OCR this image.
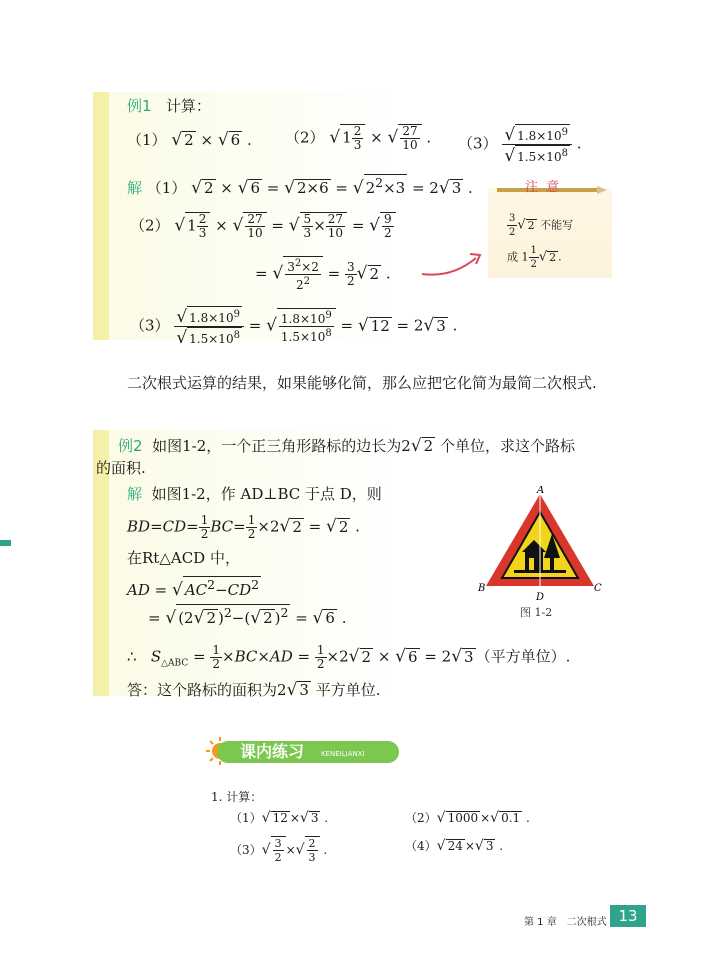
例1 计算：
（1） √ 2 × √ 6 . （2） √ $1 \frac{2}{3}$ × √ $\frac{27}{10}$ . $(3) \frac{√ 1.8\times 10^9}{√ 1.5\times 10^8}$ .
解 （1） √ 2 × √ 6 = √ 2×6 = √ $2^2\times 3 = 2√$ 3 .
（2） √ $1 \frac{2}{3}$ × √ $\frac{27}{10}$ = √ $\frac{5}{3} \times \frac{27}{10}$ = √ $\frac{9}{2}$
= √ $\frac{3^2\times 2}{2^2} = \frac{3}{2}$ √ 2 .
注 意
$\frac{3}{2}$ √ 2 不能写
成 $1 \frac{1}{2}$ √ 2 .
$(3) \frac{√ 1.8\times 10^9}{√ 1.5\times 10^8}$ = √ $\frac{1.8\times 10^9}{1.5\times 10^8}$ = √ 12 = 2√ 3 .
二次根式运算的结果，如果能够化简，那么应把它化简为最简二次根式.
例2 如图1-2，一个正三角形路标的边长为2√ 2 个单位，求这个路标
的面积.
解 如图1-2，作 AD⊥BC 于点 D，则
$BD=CD= \frac{1}{2} BC= \frac{1}{2} \times 2√$ 2 = √ 2 .
在Rt△ACD 中，
AD = √ $AC^2-CD^2$
= √ (2√ 2 )$^2$−(√ 2 )$^2$ = √ 6 .
∴ $S_{\triangle ABC} = \frac{1}{2} \times BC\times AD = \frac{1}{2} \times 2√$ 2 × √ 6 = 2√ 3 （平方单位）.
答：这个路标的面积为2√ 3 平方单位.
A
B	C
D
图 1-2
课内练习 KENEILIANXI
1. 计算：
（1）√ 12 ×√ 3 .	（2）√ 1000 ×√ 0.1 .
$(3)√ \frac{3}{2}$ ×√ $\frac{2}{3}$ .	（4）√ 24 ×√ 3 .
第 1 章　二次根式 13
